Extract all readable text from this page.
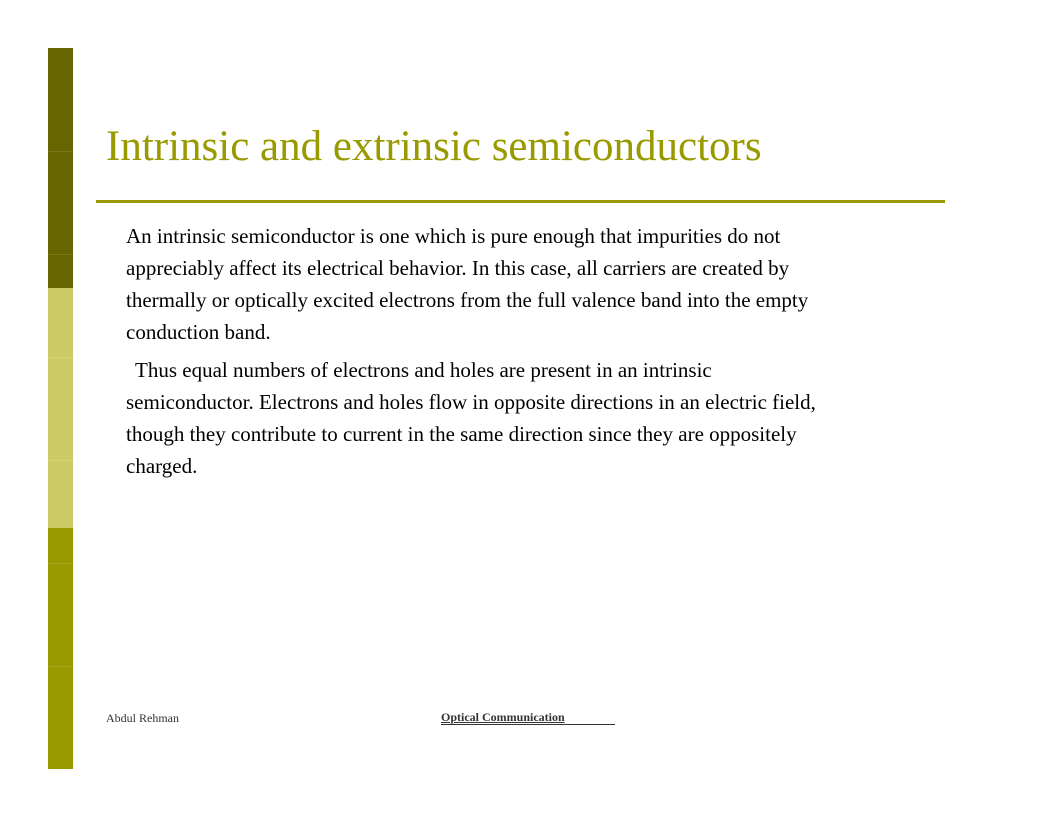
Intrinsic and extrinsic semiconductors

An intrinsic semiconductor is one which is pure enough that impurities do not appreciably affect its electrical behavior. In this case, all carriers are created by thermally or optically excited electrons from the full valence band into the empty conduction band.

Thus equal numbers of electrons and holes are present in an intrinsic semiconductor. Electrons and holes flow in opposite directions in an electric field, though they contribute to current in the same direction since they are oppositely charged.

Abdul Rehman	Optical Communication
